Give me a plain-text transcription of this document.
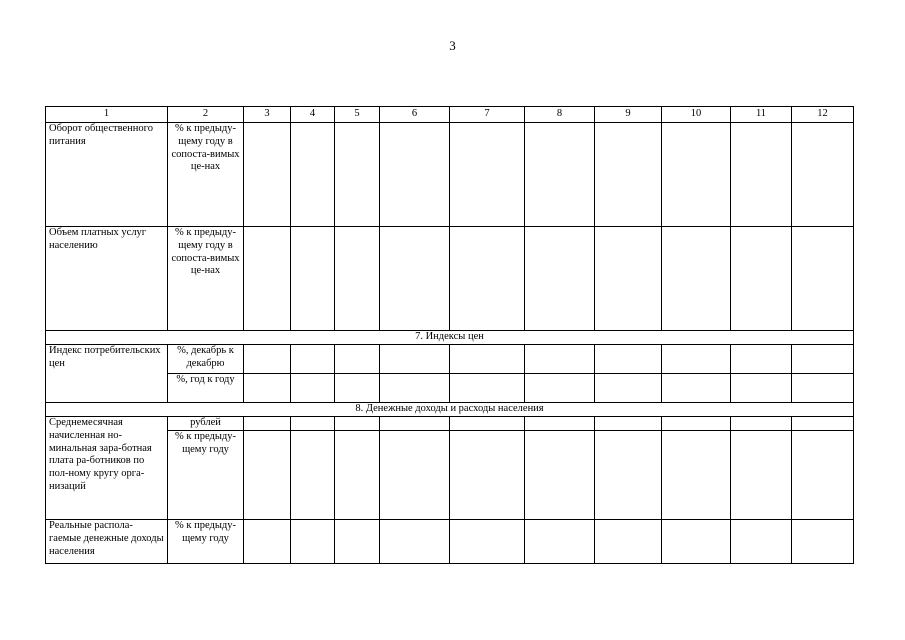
3
1	2	3	4	5	6	7	8	9	10	11	12
Оборот общественного питания	% к предыду-щему году в сопоста-вимых це-нах										
Объем платных услуг населению	% к предыду-щему году в сопоста-вимых це-нах										
7. Индексы цен											
Индекс потребительских цен	%, декабрь к декабрю										
	%, год к году										
8. Денежные доходы и расходы населения											
Среднемесячная начисленная но-минальная зара-ботная плата ра-ботников по пол-ному кругу орга-низаций	рублей										
	% к предыду-щему году										
Реальные распола-гаемые денежные доходы населения	% к предыду-щему году										
